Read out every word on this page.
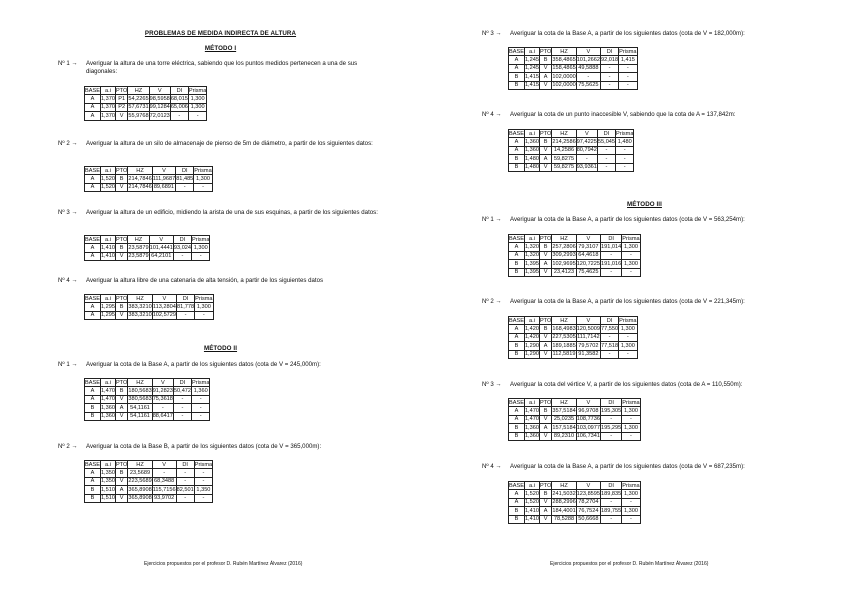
PROBLEMAS DE MEDIDA INDIRECTA DE ALTURA
MÉTODO I
Nº 1 → Averiguar la altura de una torre eléctrica, sabiendo que los puntos medidos pertenecen a una de sus diagonales:
BASE	a.i	PTO	HZ	V	DI	Prisma
A	1,370	P1	54,2265	98,5958	68,015	1,300
A	1,370	P2	57,6731	99,1284	65,006	1,300
A	1,370	V	55,9768	72,0123	-	-
Nº 2 → Averiguar la altura de un silo de almacenaje de pienso de 5m de diámetro, a partir de los siguientes datos:
BASE	a.i	PTO	HZ	V	DI	Prisma
A	1,520	B	214,7846	111,9687	81,485	1,300
A	1,520	V	214,7846	89,6891	-	-
Nº 3 → Averiguar la altura de un edificio, midiendo la arista de una de sus esquinas, a partir de los siguientes datos:
BASE	a.i	PTO	HZ	V	DI	Prisma
A	1,410	B	23,5879	101,4441	93,024	1,300
A	1,410	V	23,5879	64,2101	-	-
Nº 4 → Averiguar la altura libre de una catenaria de alta tensión, a partir de los siguientes datos
BASE	a.i	PTO	HZ	V	DI	Prisma
A	1,295	B	383,3210	113,2804	81,778	1,300
A	1,295	V	383,3210	102,5729	-	-
MÉTODO II
Nº 1 → Averiguar la cota de la Base A, a partir de los siguientes datos (cota de V = 245,000m):
BASE	a.i	PTO	HZ	V	DI	Prisma
A	1,470	B	180,5683	91,2823	50,472	1,360
A	1,470	V	380,5683	75,3618	-	-
B	1,360	A	54,1161	-	-	-
B	1,360	V	54,1161	88,6417	-	-
Nº 2 → Averiguar la cota de la Base B, a partir de los siguientes datos (cota de V = 365,000m):
BASE	a.i	PTO	HZ	V	DI	Prisma
A	1,350	B	23,5689	-	-	-
A	1,350	V	223,5689	68,3488	-	-
B	1,510	A	365,8908	115,7156	82,501	1,350
B	1,510	V	365,8908	93,9702	-	-
Ejercicios propuestos por el profesor D. Rubén Martínez Álvarez (2016)
Nº 3 → Averiguar la cota de la Base A, a partir de los siguientes datos (cota de V = 182,000m):
BASE	a.i	PTO	HZ	V	DI	Prisma
A	1,245	B	358,4865	101,2662	92,018	1,415
A	1,245	V	158,4865	49,5888	-	-
B	1,415	A	102,0000	-	-	-
B	1,415	V	102,0000	75,5625	-	-
Nº 4 → Averiguar la cota de un punto inaccesible V, sabiendo que la cota de A = 137,842m:
BASE	a.i	PTO	HZ	V	DI	Prisma
A	1,360	B	214,2586	97,4225	55,045	1,480
A	1,360	V	14,2586	80,7942	-	-
B	1,480	A	59,8275	-	-	-
B	1,480	V	59,8275	93,9361	-	-
MÉTODO III
Nº 1 → Averiguar la cota de la Base A, a partir de los siguientes datos (cota de V = 563,254m):
BASE	a.i	PTO	HZ	V	DI	Prisma
A	1,320	B	257,2806	79,3107	191,014	1,300
A	1,320	V	309,2993	64,4618	-	-
B	1,395	A	102,9695	120,7225	191,016	1,300
B	1,395	V	23,4123	75,4625	-	-
Nº 2 → Averiguar la cota de la Base A, a partir de los siguientes datos (cota de V = 221,345m):
BASE	a.i	PTO	HZ	V	DI	Prisma
A	1,420	B	168,4983	120,5009	77,550	1,300
A	1,420	V	227,5305	111,7142	-	-
B	1,290	A	189,1885	79,5702	77,518	1,300
B	1,290	V	112,5819	91,3582	-	-
Nº 3 → Averiguar la cota del vértice V, a partir de los siguientes datos (cota de A = 110,550m):
BASE	a.i	PTO	HZ	V	DI	Prisma
A	1,470	B	357,5184	96,9708	195,305	1,300
A	1,470	V	25,0235	108,7736	-	-
B	1,360	A	157,5184	103,0977	195,295	1,300
B	1,360	V	89,2310	106,7341	-	-
Nº 4 → Averiguar la cota de la Base A, a partir de los siguientes datos (cota de V = 687,235m):
BASE	a.i	PTO	HZ	V	DI	Prisma
A	1,520	B	241,5032	123,8595	189,835	1,300
A	1,520	V	288,2996	78,2704	-	-
B	1,410	A	184,4001	76,7524	189,755	1,300
B	1,410	V	78,5288	50,6668	-	-
Ejercicios propuestos por el profesor D. Rubén Martínez Álvarez (2016)
